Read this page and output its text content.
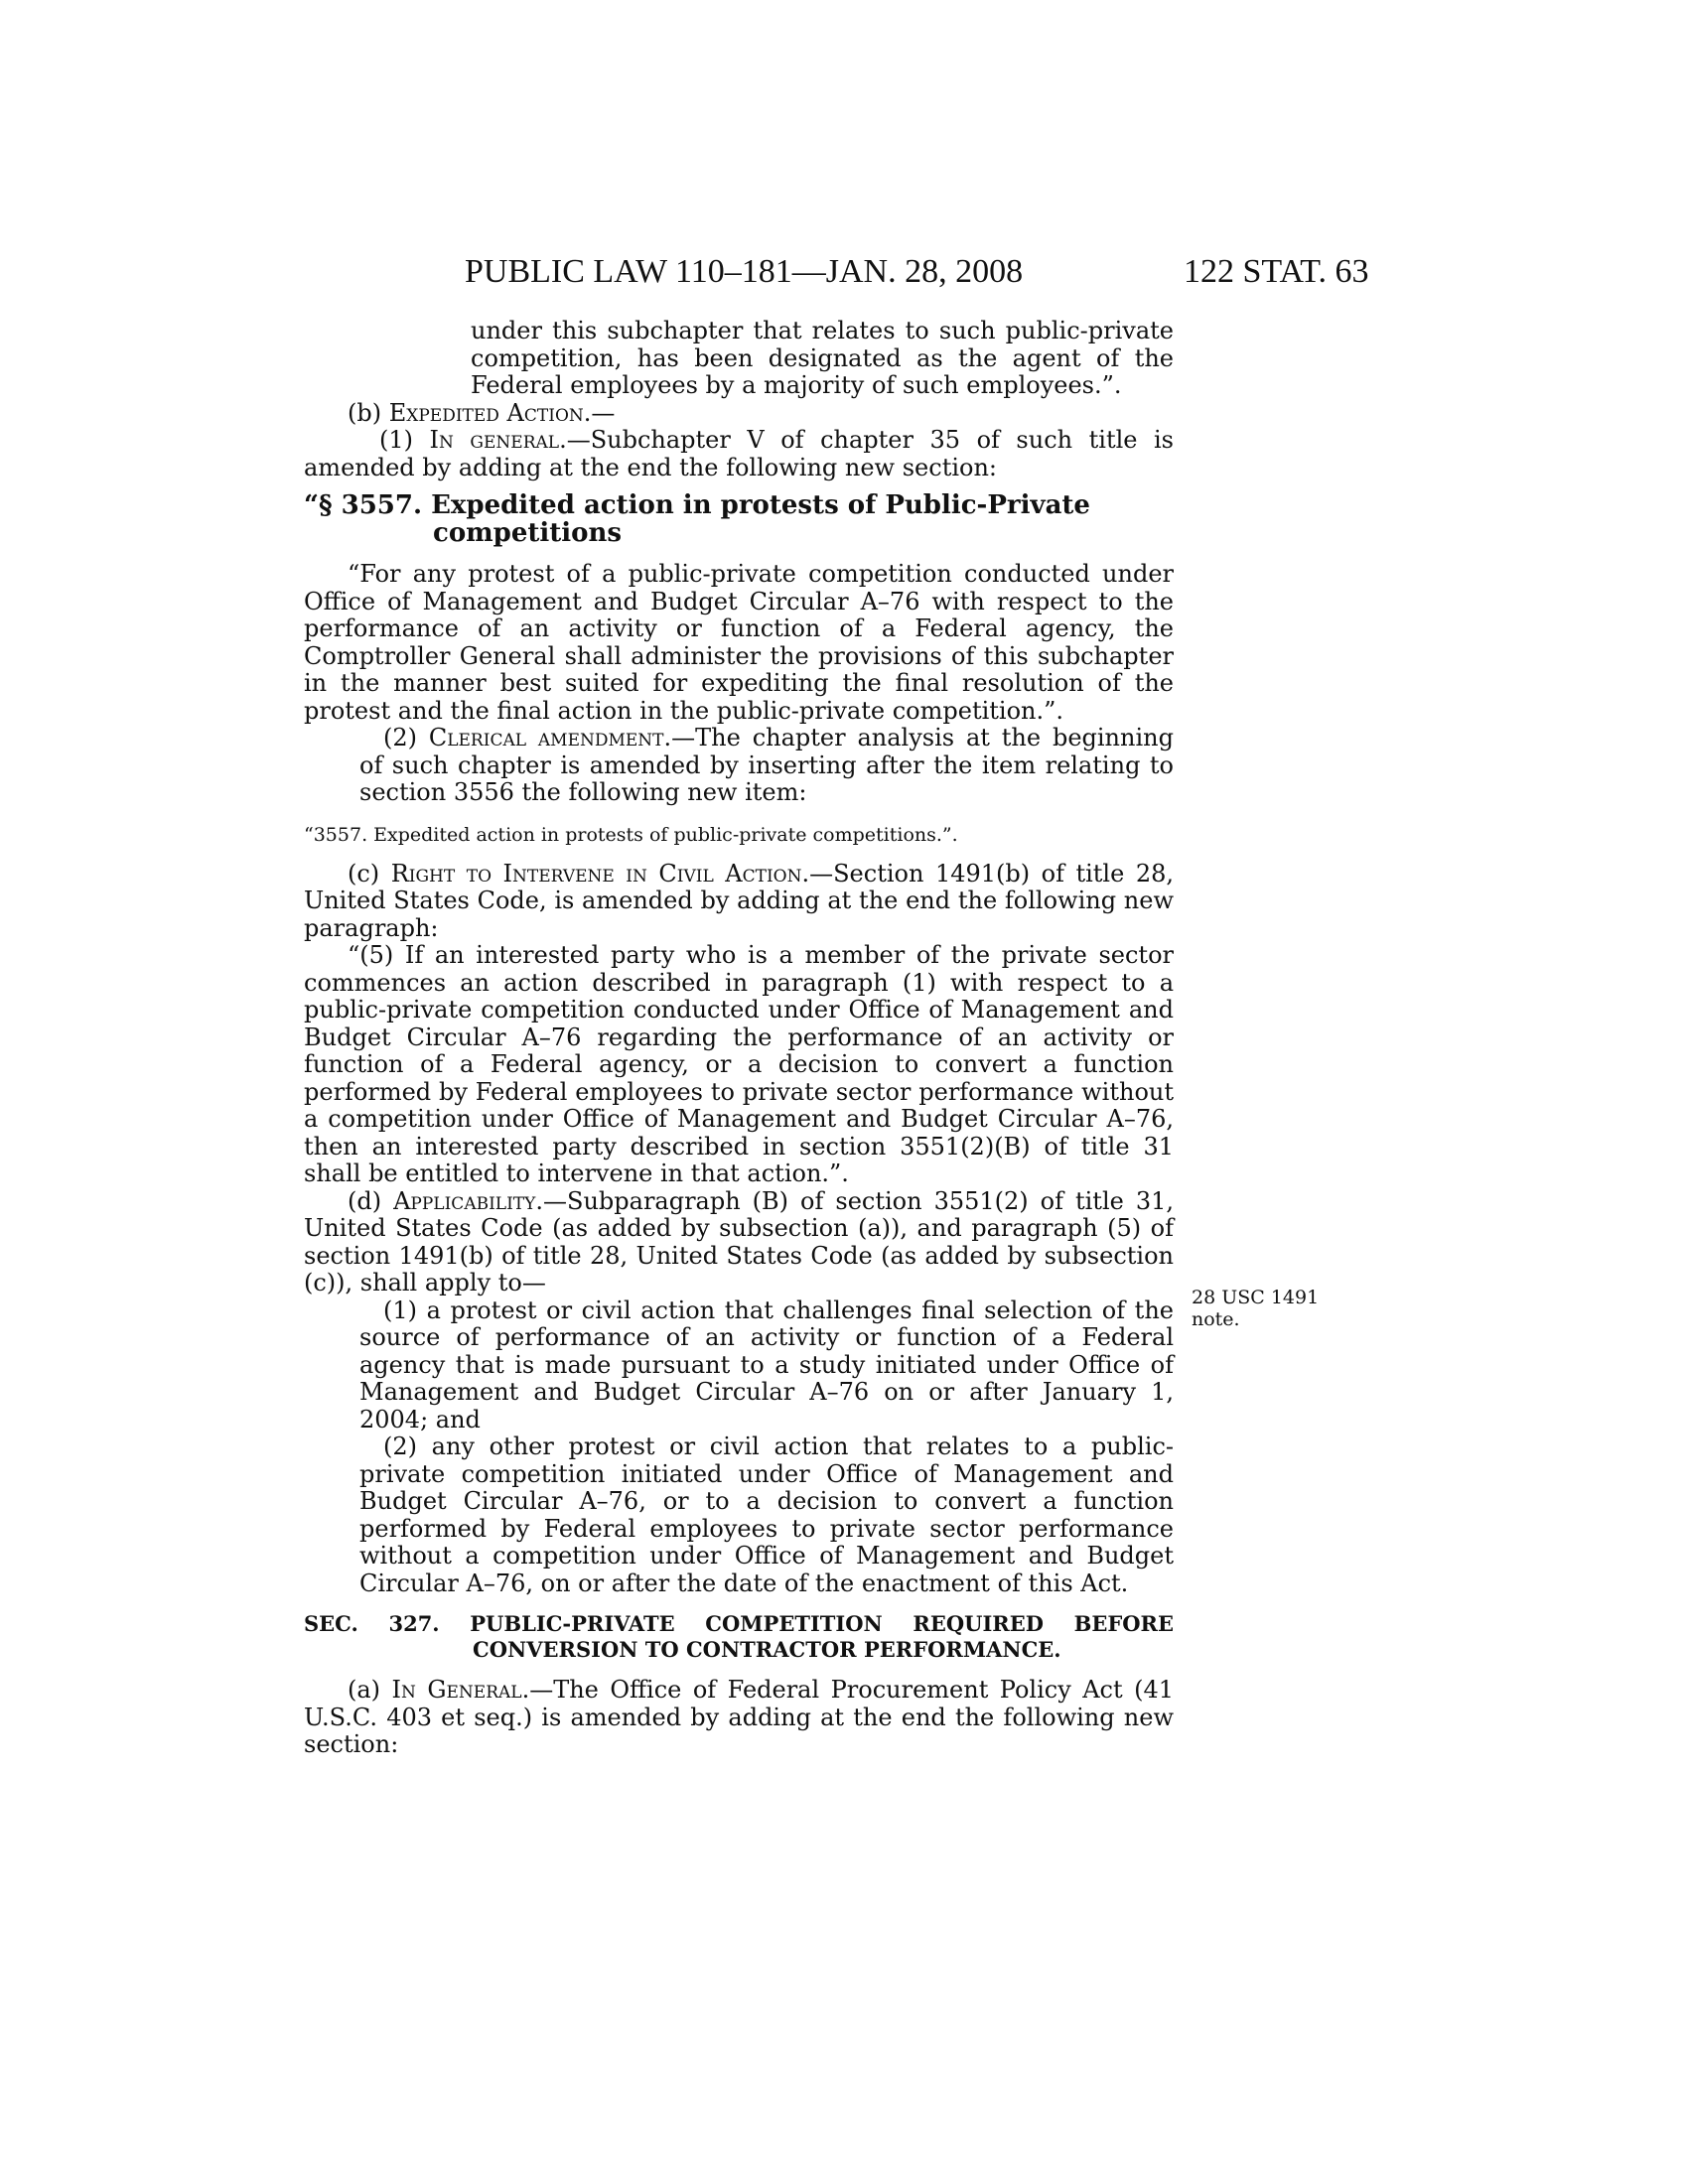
PUBLIC LAW 110–181—JAN. 28, 2008	122 STAT. 63

under this subchapter that relates to such public-private competition, has been designated as the agent of the Federal employees by a majority of such employees.”.

(b) Expedited Action.—

(1) In general.—Subchapter V of chapter 35 of such title is amended by adding at the end the following new section:

“§ 3557. Expedited action in protests of Public-Private competitions

“For any protest of a public-private competition conducted under Office of Management and Budget Circular A–76 with respect to the performance of an activity or function of a Federal agency, the Comptroller General shall administer the provisions of this subchapter in the manner best suited for expediting the final resolution of the protest and the final action in the public-private competition.”.

(2) Clerical amendment.—The chapter analysis at the beginning of such chapter is amended by inserting after the item relating to section 3556 the following new item:

“3557. Expedited action in protests of public-private competitions.”.

(c) Right to Intervene in Civil Action.—Section 1491(b) of title 28, United States Code, is amended by adding at the end the following new paragraph:

“(5) If an interested party who is a member of the private sector commences an action described in paragraph (1) with respect to a public-private competition conducted under Office of Management and Budget Circular A–76 regarding the performance of an activity or function of a Federal agency, or a decision to convert a function performed by Federal employees to private sector performance without a competition under Office of Management and Budget Circular A–76, then an interested party described in section 3551(2)(B) of title 31 shall be entitled to intervene in that action.”.

(d) Applicability.—Subparagraph (B) of section 3551(2) of title 31, United States Code (as added by subsection (a)), and paragraph (5) of section 1491(b) of title 28, United States Code (as added by subsection (c)), shall apply to—

(1) a protest or civil action that challenges final selection of the source of performance of an activity or function of a Federal agency that is made pursuant to a study initiated under Office of Management and Budget Circular A–76 on or after January 1, 2004; and

(2) any other protest or civil action that relates to a public-private competition initiated under Office of Management and Budget Circular A–76, or to a decision to convert a function performed by Federal employees to private sector performance without a competition under Office of Management and Budget Circular A–76, on or after the date of the enactment of this Act.

SEC. 327. PUBLIC-PRIVATE COMPETITION REQUIRED BEFORE CONVERSION TO CONTRACTOR PERFORMANCE.

(a) In General.—The Office of Federal Procurement Policy Act (41 U.S.C. 403 et seq.) is amended by adding at the end the following new section:

28 USC 1491
note.
